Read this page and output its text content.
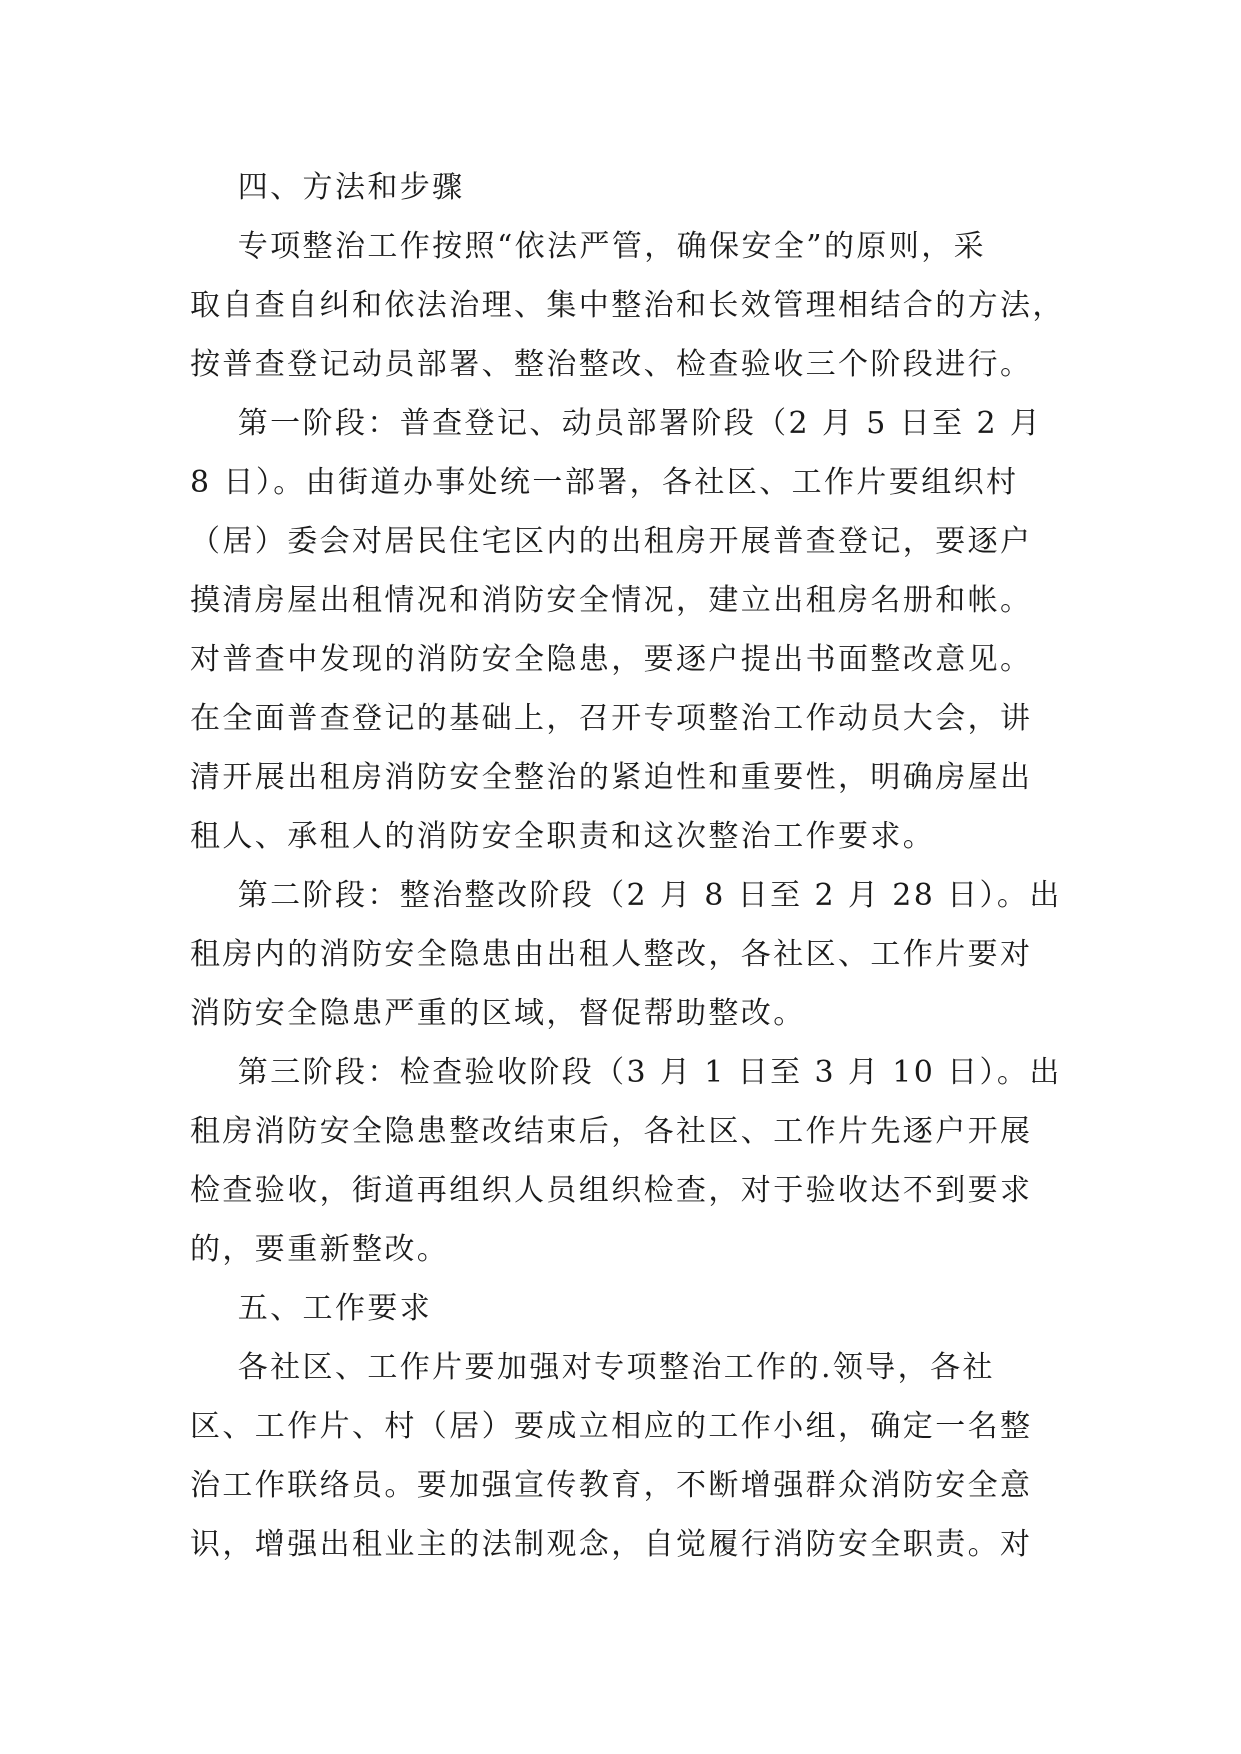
四、方法和步骤
专项整治工作按照“依法严管，确保安全”的原则，采
取自查自纠和依法治理、集中整治和长效管理相结合的方法，
按普查登记动员部署、整治整改、检查验收三个阶段进行。
第一阶段：普查登记、动员部署阶段（2 月 5 日至 2 月
8 日）。由街道办事处统一部署，各社区、工作片要组织村
（居）委会对居民住宅区内的出租房开展普查登记，要逐户
摸清房屋出租情况和消防安全情况，建立出租房名册和帐。
对普查中发现的消防安全隐患，要逐户提出书面整改意见。
在全面普查登记的基础上，召开专项整治工作动员大会，讲
清开展出租房消防安全整治的紧迫性和重要性，明确房屋出
租人、承租人的消防安全职责和这次整治工作要求。
第二阶段：整治整改阶段（2 月 8 日至 2 月 28 日）。出
租房内的消防安全隐患由出租人整改，各社区、工作片要对
消防安全隐患严重的区域，督促帮助整改。
第三阶段：检查验收阶段（3 月 1 日至 3 月 10 日）。出
租房消防安全隐患整改结束后，各社区、工作片先逐户开展
检查验收，街道再组织人员组织检查，对于验收达不到要求
的，要重新整改。
五、工作要求
各社区、工作片要加强对专项整治工作的.领导，各社
区、工作片、村（居）要成立相应的工作小组，确定一名整
治工作联络员。要加强宣传教育，不断增强群众消防安全意
识，增强出租业主的法制观念，自觉履行消防安全职责。对
